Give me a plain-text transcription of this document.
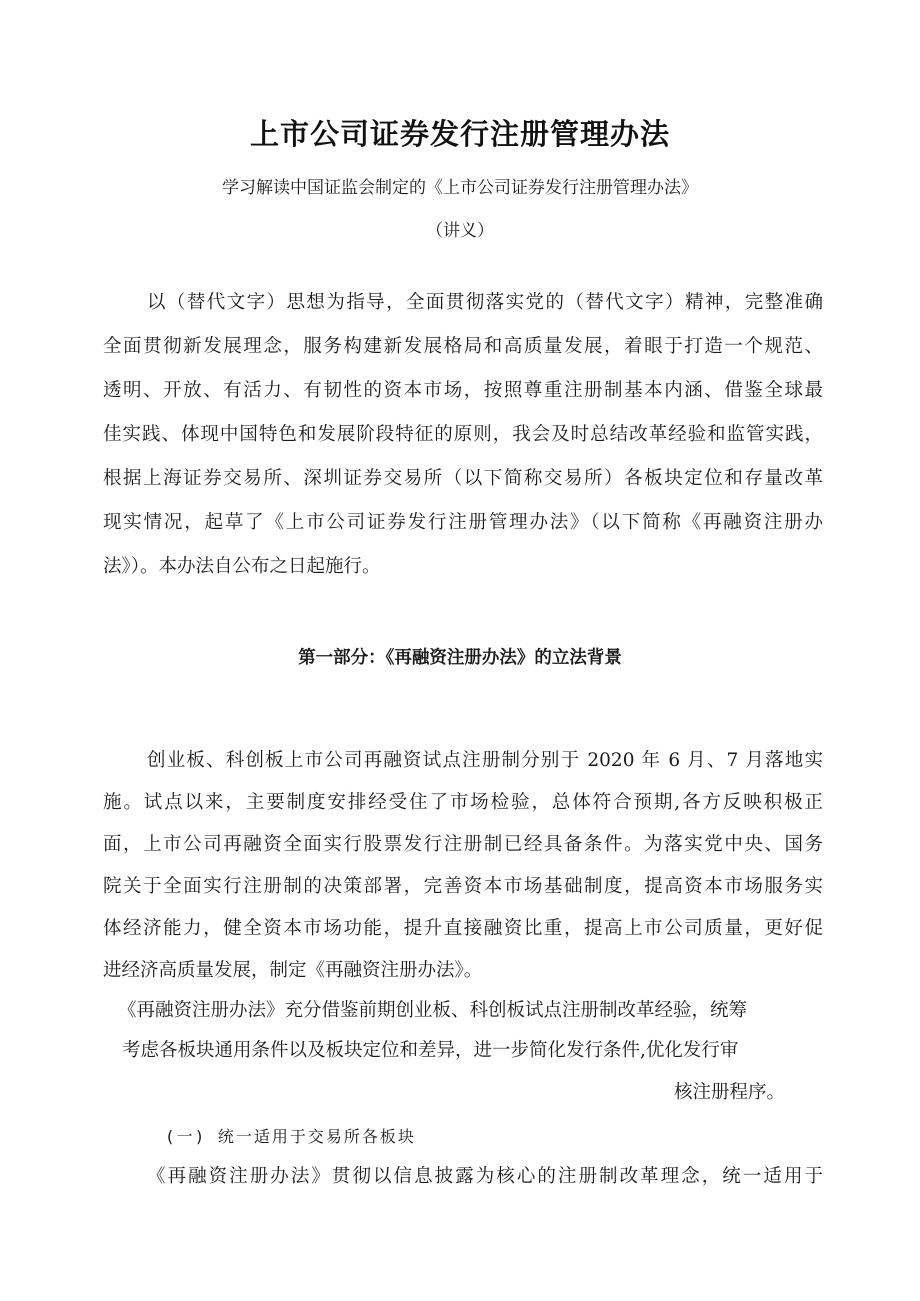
上市公司证券发行注册管理办法
学习解读中国证监会制定的《上市公司证券发行注册管理办法》
（讲义）
以（替代文字）思想为指导，全面贯彻落实党的（替代文字）精神，完整准确
全面贯彻新发展理念，服务构建新发展格局和高质量发展，着眼于打造一个规范、
透明、开放、有活力、有韧性的资本市场，按照尊重注册制基本内涵、借鉴全球最
佳实践、体现中国特色和发展阶段特征的原则，我会及时总结改革经验和监管实践，
根据上海证券交易所、深圳证券交易所（以下简称交易所）各板块定位和存量改革
现实情况，起草了《上市公司证券发行注册管理办法》（以下简称《再融资注册办
法》）。本办法自公布之日起施行。
第一部分：《再融资注册办法》的立法背景
创业板、科创板上市公司再融资试点注册制分别于 2020 年 6 月、7 月落地实
施。试点以来，主要制度安排经受住了市场检验，总体符合预期,各方反映积极正
面，上市公司再融资全面实行股票发行注册制已经具备条件。为落实党中央、国务
院关于全面实行注册制的决策部署，完善资本市场基础制度，提高资本市场服务实
体经济能力，健全资本市场功能，提升直接融资比重，提高上市公司质量，更好促
进经济高质量发展，制定《再融资注册办法》。
《再融资注册办法》充分借鉴前期创业板、科创板试点注册制改革经验，统筹
考虑各板块通用条件以及板块定位和差异，进一步简化发行条件,优化发行审
核注册程序。
(一) 统一适用于交易所各板块
《再融资注册办法》贯彻以信息披露为核心的注册制改革理念，统一适用于
